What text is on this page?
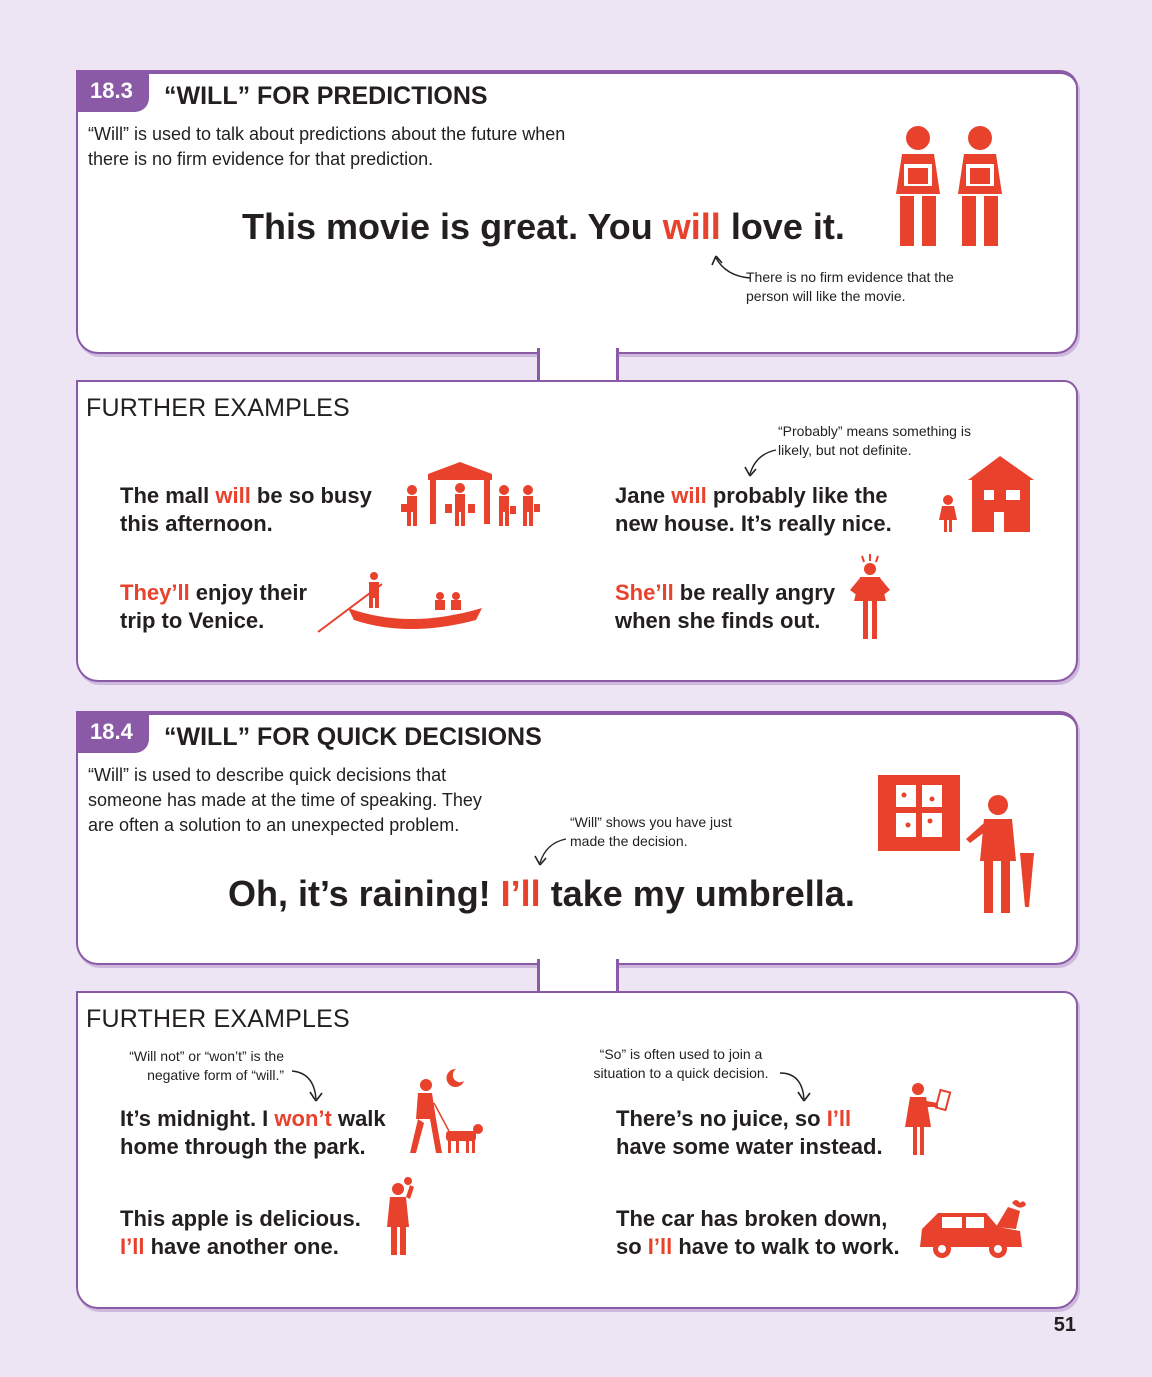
18.3	“WILL” FOR PREDICTIONS
“Will” is used to talk about predictions about the future when there is no firm evidence for that prediction.
This movie is great. You will love it.
There is no firm evidence that the person will like the movie.
FURTHER EXAMPLES
“Probably” means something is likely, but not definite.
The mall will be so busy this afternoon.
Jane will probably like the new house. It’s really nice.
They’ll enjoy their trip to Venice.
She’ll be really angry when she finds out.
18.4	“WILL” FOR QUICK DECISIONS
“Will” is used to describe quick decisions that someone has made at the time of speaking. They are often a solution to an unexpected problem.	“Will” shows you have just made the decision.
Oh, it’s raining! I’ll take my umbrella.
FURTHER EXAMPLES
“Will not” or “won’t” is the negative form of “will.”
“So” is often used to join a situation to a quick decision.
It’s midnight. I won’t walk home through the park.
There’s no juice, so I’ll have some water instead.
This apple is delicious. I’ll have another one.
The car has broken down, so I’ll have to walk to work.
51
